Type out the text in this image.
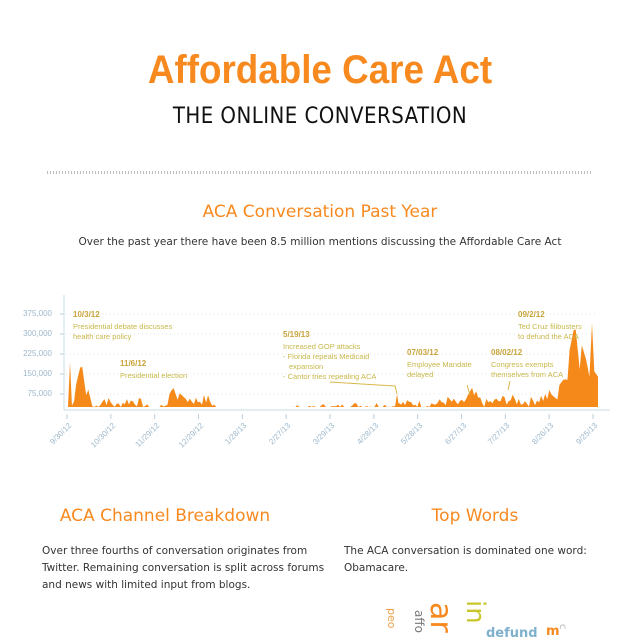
Affordable Care Act
THE ONLINE CONVERSATION
ACA Conversation Past Year
Over the past year there have been 8.5 million mentions discussing the Affordable Care Act
375,000
300,000
225,000
150,000
75,000
9/30/12	10/30/12	11/29/12	12/29/12	1/28/13	2/27/13	3/29/13	4/28/13	5/28/13	6/27/13	7/27/13	8/26/13	9/25/13
10/3/12
Presidential debate discusses
health care policy
11/6/12
Presidential election
5/19/13
Increased GOP attacks
- Florida repeals Medicaid
expansion
- Cantor tries repealing ACA
07/03/12
Employee Mandate
delayed
08/02/12
Congress exempts
themselves from ACA
09/2/12
Ted Cruz filibusters
to defund the ACA
ACA Channel Breakdown
Over three fourths of conversation originates from
Twitter. Remaining conversation is split across forums
and news with limited input from blogs.
Top Words
The ACA conversation is dominated one word:
Obamacare.
peo affo
ar in
defund m
c
